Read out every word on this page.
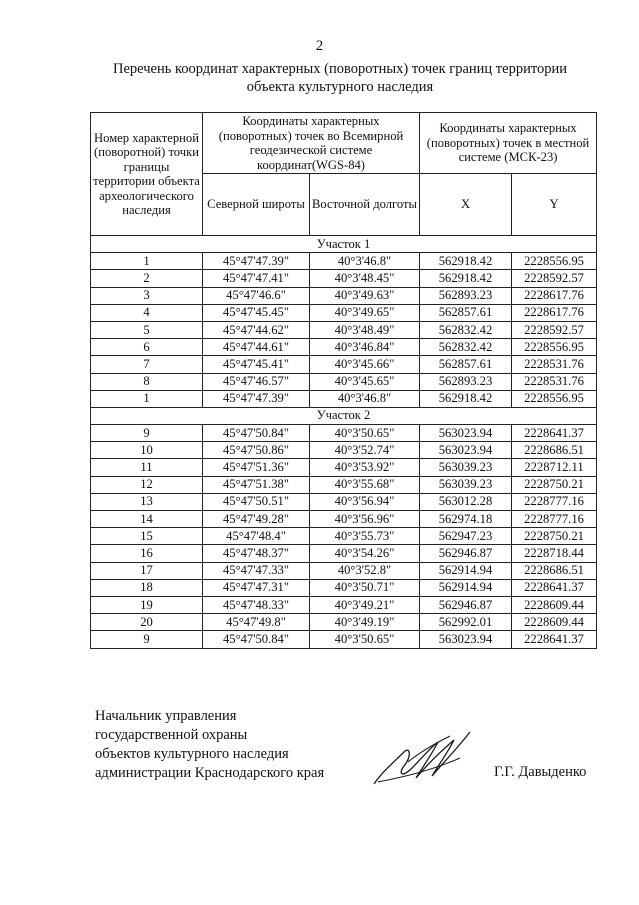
2
Перечень координат характерных (поворотных) точек границ территории
объекта культурного наследия
Номер характерной (поворотной) точки границы территории объекта археологического наследия	Координаты характерных (поворотных) точек во Всемирной геодезической системе координат(WGS-84)		Координаты характерных (поворотных) точек в местной системе (МСК-23)	
	Северной широты	Восточной долготы	X	Y
Участок 1				
1	45°47'47.39"	40°3'46.8"	562918.42	2228556.95
2	45°47'47.41"	40°3'48.45"	562918.42	2228592.57
3	45°47'46.6"	40°3'49.63"	562893.23	2228617.76
4	45°47'45.45"	40°3'49.65"	562857.61	2228617.76
5	45°47'44.62"	40°3'48.49"	562832.42	2228592.57
6	45°47'44.61"	40°3'46.84"	562832.42	2228556.95
7	45°47'45.41"	40°3'45.66"	562857.61	2228531.76
8	45°47'46.57"	40°3'45.65"	562893.23	2228531.76
1	45°47'47.39"	40°3'46.8"	562918.42	2228556.95
Участок 2				
9	45°47'50.84"	40°3'50.65"	563023.94	2228641.37
10	45°47'50.86"	40°3'52.74"	563023.94	2228686.51
11	45°47'51.36"	40°3'53.92"	563039.23	2228712.11
12	45°47'51.38"	40°3'55.68"	563039.23	2228750.21
13	45°47'50.51"	40°3'56.94"	563012.28	2228777.16
14	45°47'49.28"	40°3'56.96"	562974.18	2228777.16
15	45°47'48.4"	40°3'55.73"	562947.23	2228750.21
16	45°47'48.37"	40°3'54.26"	562946.87	2228718.44
17	45°47'47.33"	40°3'52.8"	562914.94	2228686.51
18	45°47'47.31"	40°3'50.71"	562914.94	2228641.37
19	45°47'48.33"	40°3'49.21"	562946.87	2228609.44
20	45°47'49.8"	40°3'49.19"	562992.01	2228609.44
9	45°47'50.84"	40°3'50.65"	563023.94	2228641.37
Начальник управления
государственной охраны
объектов культурного наследия
администрации Краснодарского края	Г.Г. Давыденко
